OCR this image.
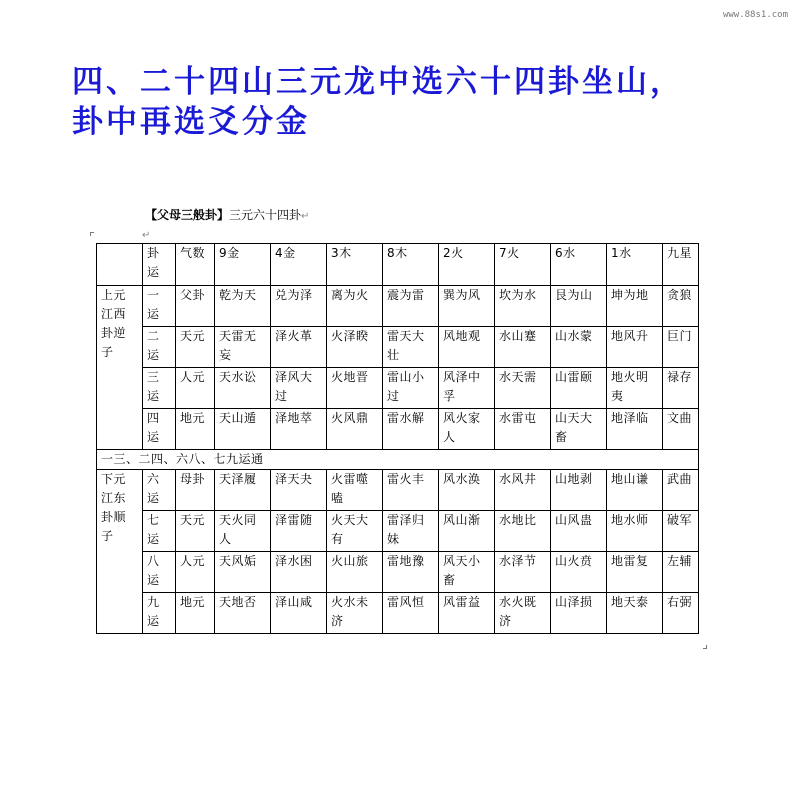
www.88s1.com
四、二十四山三元龙中选六十四卦坐山，
卦中再选爻分金
【父母三般卦】三元六十四卦↵
↵

	卦运	气数	9金	4金	3木	8木	2火	7火	6水	1水	九星

上元江西卦逆子	一运	父卦	乾为天	兑为泽	离为火	震为雷	巽为风	坎为水	艮为山	坤为地	贪狼

	二运	天元	天雷无妄	泽火革	火泽睽	雷天大壮	风地观	水山蹇	山水蒙	地风升	巨门

	三运	人元	天水讼	泽风大过	火地晋	雷山小过	风泽中孚	水天需	山雷颐	地火明夷	禄存

	四运	地元	天山遁	泽地萃	火风鼎	雷水解	风火家人	水雷屯	山天大畜	地泽临	文曲

一三、二四、六八、七九运通											

下元江东卦顺子	六运	母卦	天泽履	泽天夬	火雷噬嗑	雷火丰	风水涣	水风井	山地剥	地山谦	武曲

	七运	天元	天火同人	泽雷随	火天大有	雷泽归妹	风山渐	水地比	山风蛊	地水师	破军

	八运	人元	天风姤	泽水困	火山旅	雷地豫	风天小畜	水泽节	山火贲	地雷复	左辅

	九运	地元	天地否	泽山咸	火水未济	雷风恒	风雷益	水火既济	山泽损	地天泰	右弼
